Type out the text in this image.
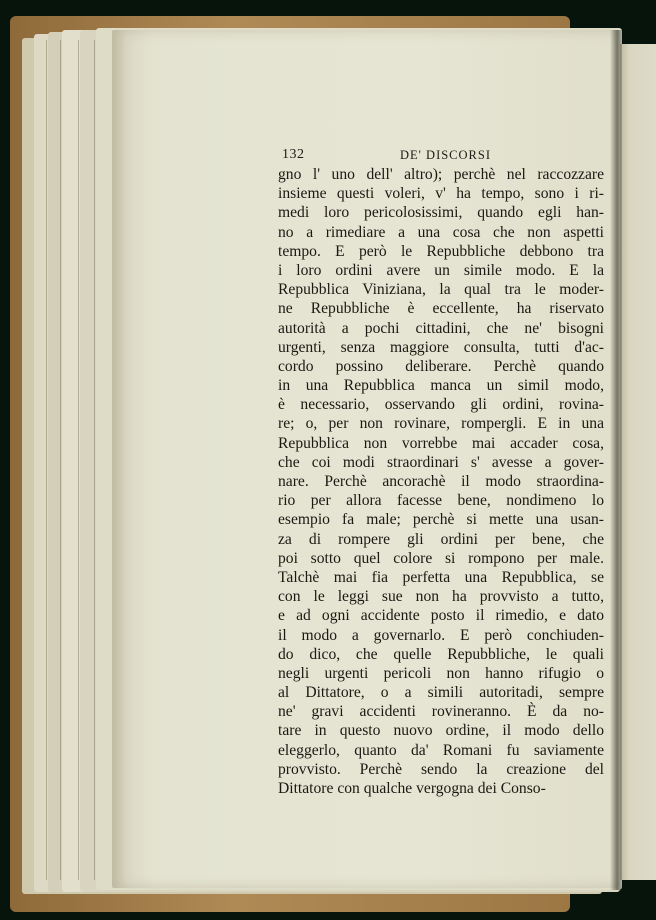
132	DE' DISCORSI
gno l' uno dell' altro); perchè nel raccozzare
insieme questi voleri, v' ha tempo, sono i ri-
medi loro pericolosissimi, quando egli han-
no a rimediare a una cosa che non aspetti
tempo. E però le Repubbliche debbono tra
i loro ordini avere un simile modo. E la
Repubblica Viniziana, la qual tra le moder-
ne Repubbliche è eccellente, ha riservato
autorità a pochi cittadini, che ne' bisogni
urgenti, senza maggiore consulta, tutti d'ac-
cordo possino deliberare. Perchè quando
in una Repubblica manca un simil modo,
è necessario, osservando gli ordini, rovina-
re; o, per non rovinare, rompergli. E in una
Repubblica non vorrebbe mai accader cosa,
che coi modi straordinari s' avesse a gover-
nare. Perchè ancorachè il modo straordina-
rio per allora facesse bene, nondimeno lo
esempio fa male; perchè si mette una usan-
za di rompere gli ordini per bene, che
poi sotto quel colore si rompono per male.
Talchè mai fia perfetta una Repubblica, se
con le leggi sue non ha provvisto a tutto,
e ad ogni accidente posto il rimedio, e dato
il modo a governarlo. E però conchiuden-
do dico, che quelle Repubbliche, le quali
negli urgenti pericoli non hanno rifugio o
al Dittatore, o a simili autoritadi, sempre
ne' gravi accidenti rovineranno. È da no-
tare in questo nuovo ordine, il modo dello
eleggerlo, quanto da' Romani fu saviamente
provvisto. Perchè sendo la creazione del
Dittatore con qualche vergogna dei Conso-
